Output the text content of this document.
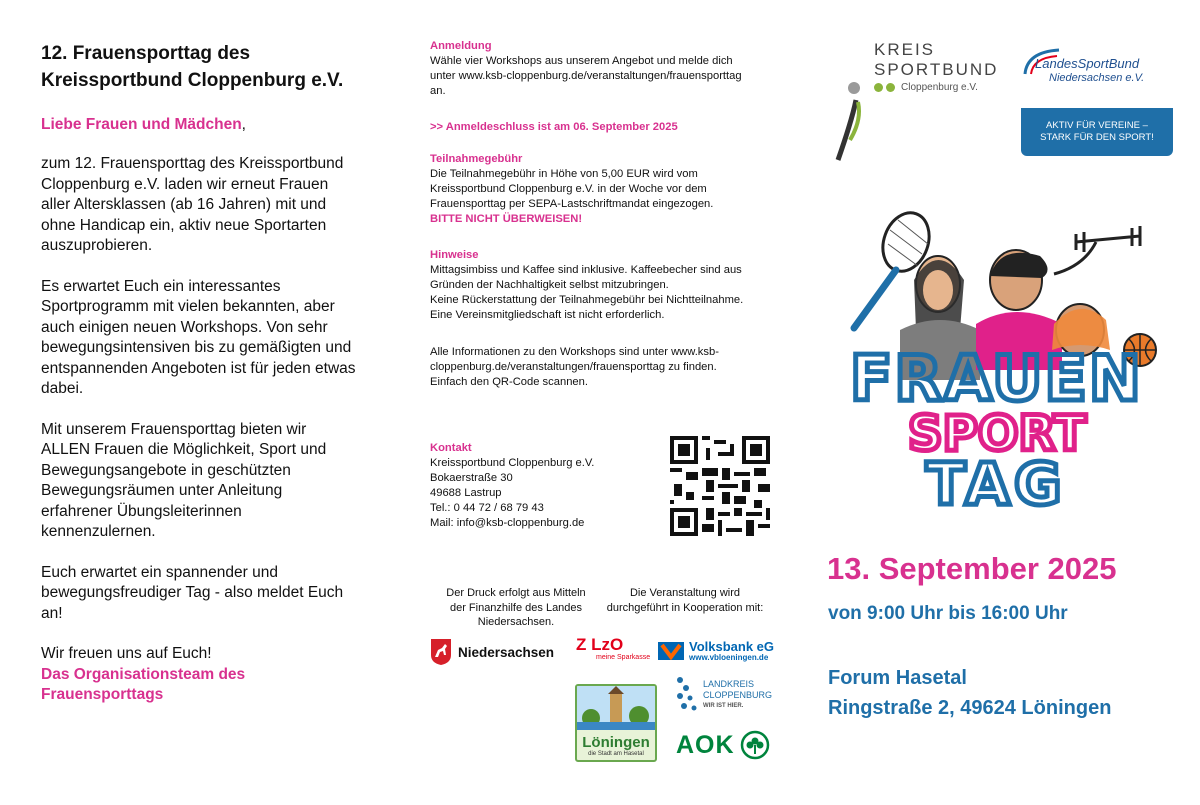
12. Frauensporttag des
Kreissportbund Cloppenburg e.V.
Liebe Frauen und Mädchen,
zum 12. Frauensporttag des Kreissportbund
Cloppenburg e.V. laden wir erneut Frauen
aller Altersklassen (ab 16 Jahren) mit und
ohne Handicap ein, aktiv neue Sportarten
auszuprobieren.
Es erwartet Euch ein interessantes
Sportprogramm mit vielen bekannten, aber
auch einigen neuen Workshops. Von sehr
bewegungsintensiven bis zu gemäßigten und
entspannenden Angeboten ist für jeden etwas
dabei.
Mit unserem Frauensporttag bieten wir
ALLEN Frauen die Möglichkeit, Sport und
Bewegungsangebote in geschützten
Bewegungsräumen unter Anleitung
erfahrener Übungsleiterinnen
kennenzulernen.
Euch erwartet ein spannender und
bewegungsfreudiger Tag - also meldet Euch
an!
Wir freuen uns auf Euch!
Das Organisationsteam des
Frauensporttags
Anmeldung
Wähle vier Workshops aus unserem Angebot und melde dich
unter www.ksb-cloppenburg.de/veranstaltungen/frauensporttag
an.
>> Anmeldeschluss ist am 06. September 2025
Teilnahmegebühr
Die Teilnahmegebühr in Höhe von 5,00 EUR wird vom
Kreissportbund Cloppenburg e.V. in der Woche vor dem
Frauensporttag per SEPA-Lastschriftmandat eingezogen.
BITTE NICHT ÜBERWEISEN!
Hinweise
Mittagsimbiss und Kaffee sind inklusive. Kaffeebecher sind aus
Gründen der Nachhaltigkeit selbst mitzubringen.
Keine Rückerstattung der Teilnahmegebühr bei Nichtteilnahme.
Eine Vereinsmitgliedschaft ist nicht erforderlich.
Alle Informationen zu den Workshops sind unter www.ksb-
cloppenburg.de/veranstaltungen/frauensporttag zu finden.
Einfach den QR-Code scannen.
Kontakt
Kreissportbund Cloppenburg e.V.
Bokaerstraße 30
49688 Lastrup
Tel.: 0 44 72 / 68 79 43
Mail: info@ksb-cloppenburg.de
Der Druck erfolgt aus Mitteln
der Finanzhilfe des Landes
Niedersachsen.
Die Veranstaltung wird
durchgeführt in Kooperation mit:
Niedersachsen Z LzO
meine Sparkasse
Volksbank eG
www.vbloeningen.de
Löningen
die Stadt am Hasetal
LANDKREIS
CLOPPENBURG
WIR IST HIER.
AOK
KREIS
SPORTBUND
Cloppenburg e.V.
LandesSportBund
Niedersachsen e.V.
AKTIV FÜR VEREINE –
STARK FÜR DEN SPORT!
FRAUEN
SPORT
TAG
13. September 2025
von 9:00 Uhr bis 16:00 Uhr
Forum Hasetal
Ringstraße 2, 49624 Löningen
